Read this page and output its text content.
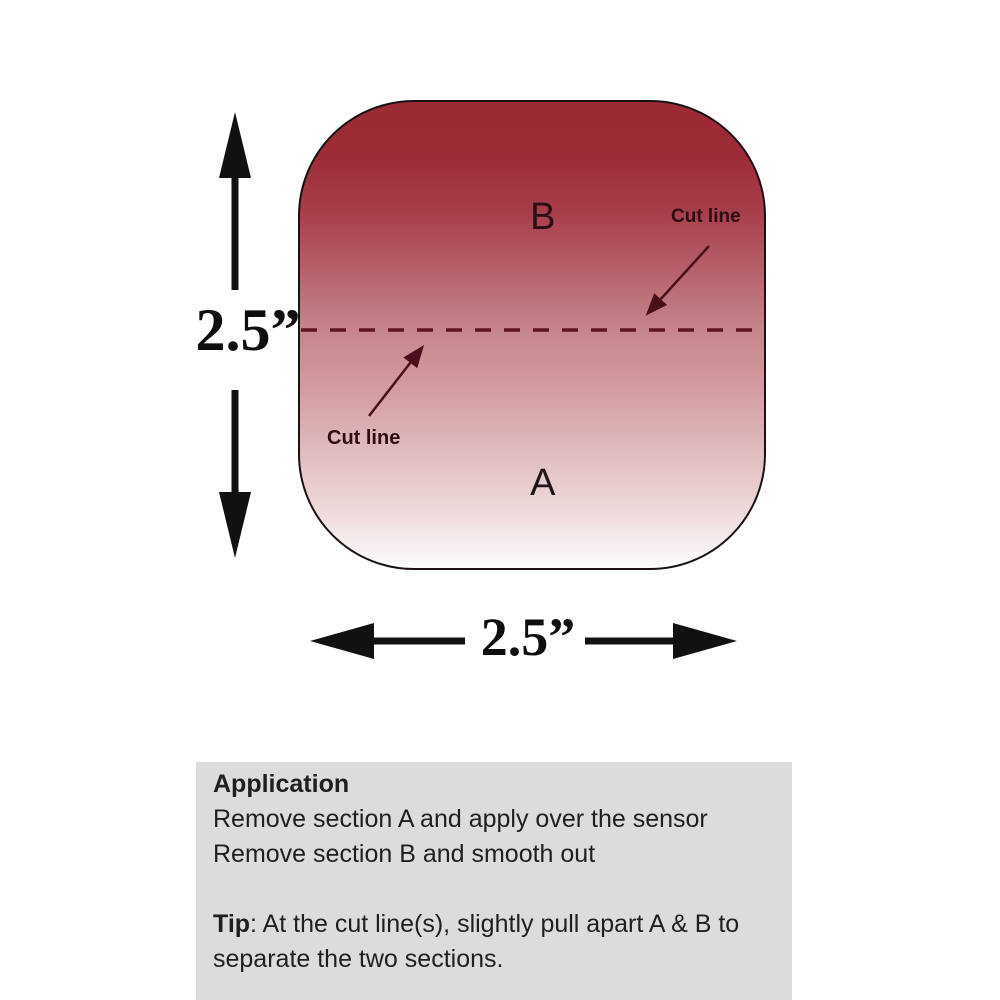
B
A
Cut line
Cut line
2.5”
2.5”
Application
Remove section A and apply over the sensor
Remove section B and smooth out
Tip: At the cut line(s), slightly pull apart A & B to separate the two sections.
